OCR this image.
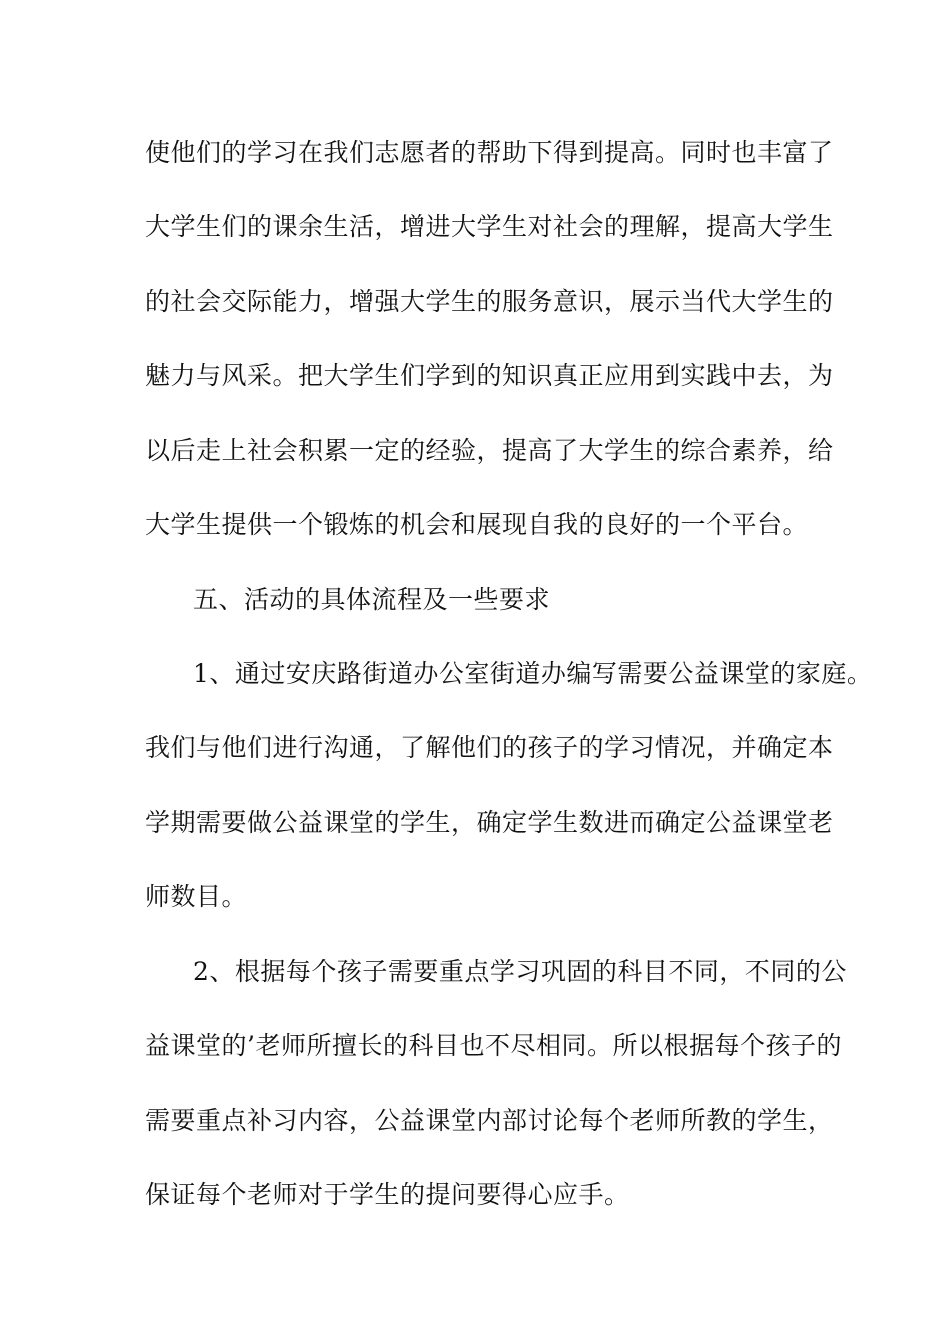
使他们的学习在我们志愿者的帮助下得到提高。同时也丰富了
大学生们的课余生活，增进大学生对社会的理解，提高大学生
的社会交际能力，增强大学生的服务意识，展示当代大学生的
魅力与风采。把大学生们学到的知识真正应用到实践中去，为
以后走上社会积累一定的经验，提高了大学生的综合素养，给
大学生提供一个锻炼的机会和展现自我的良好的一个平台。
五、活动的具体流程及一些要求
1、通过安庆路街道办公室街道办编写需要公益课堂的家庭。
我们与他们进行沟通，了解他们的孩子的学习情况，并确定本
学期需要做公益课堂的学生，确定学生数进而确定公益课堂老
师数目。
2、根据每个孩子需要重点学习巩固的科目不同，不同的公
益课堂的’老师所擅长的科目也不尽相同。所以根据每个孩子的
需要重点补习内容，公益课堂内部讨论每个老师所教的学生，
保证每个老师对于学生的提问要得心应手。
